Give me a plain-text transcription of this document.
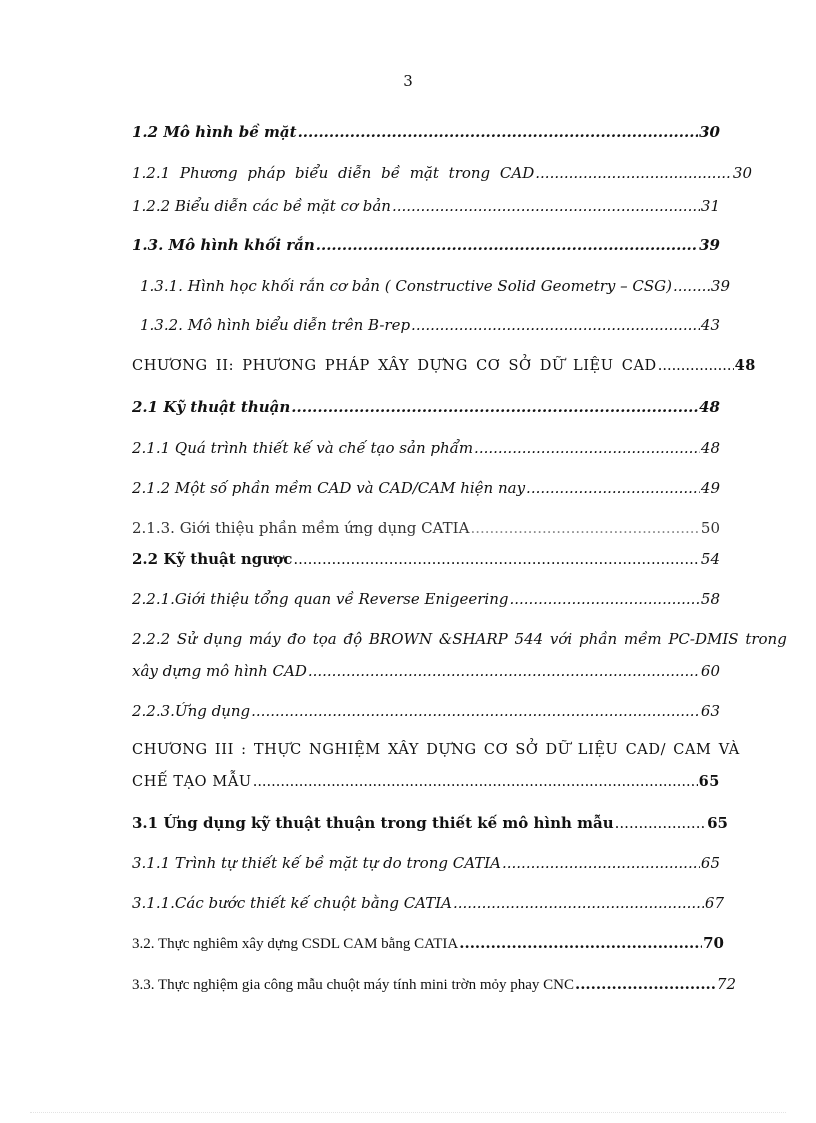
3
1.2 Mô hình bề mặt .....	30
1.2.1 Phương pháp biểu diễn bề mặt trong CAD .....	30
1.2.2 Biểu diễn các bề mặt cơ bản .....	31
1.3. Mô hình khối rắn .....	39
1.3.1. Hình học khối rắn cơ bản ( Constructive Solid Geometry – CSG) .....	39
1.3.2. Mô hình biểu diễn trên B-rep .....	43
CHƯƠNG II: PHƯƠNG PHÁP XÂY DỰNG CƠ SỞ DỮ LIỆU CAD .....	48
2.1 Kỹ thuật thuận .....	48
2.1.1 Quá trình thiết kế và chế tạo sản phẩm .....	48
2.1.2 Một số phần mềm CAD và CAD/CAM hiện nay .....	49
2.1.3. Giới thiệu phần mềm ứng dụng CATIA .....	50
2.2 Kỹ thuật ngược .....	54
2.2.1.Giới thiệu tổng quan về Reverse Enigeering .....	58
2.2.2 Sử dụng máy đo tọa độ BROWN &SHARP 544 với phần mềm PC-DMIS trong
xây dựng mô hình CAD .....	60
2.2.3.Ứng dụng .....	63
CHƯƠNG III : THỰC NGHIỆM XÂY DỰNG CƠ SỞ DỮ LIỆU CAD/ CAM VÀ
CHẾ TẠO MẪU .....	65
3.1 Ứng dụng kỹ thuật thuận trong thiết kế mô hình mẫu .....	65
3.1.1 Trình tự thiết kế bề mặt tự do trong CATIA .....	65
3.1.1.Các bước thiết kế chuột bằng CATIA .....	67
3.2. Thực nghiêm xây dựng CSDL CAM bằng CATIA .....	70
3.3. Thực nghiệm gia công mẫu chuột máy tính mini trờn mỏy phay CNC .....	72
